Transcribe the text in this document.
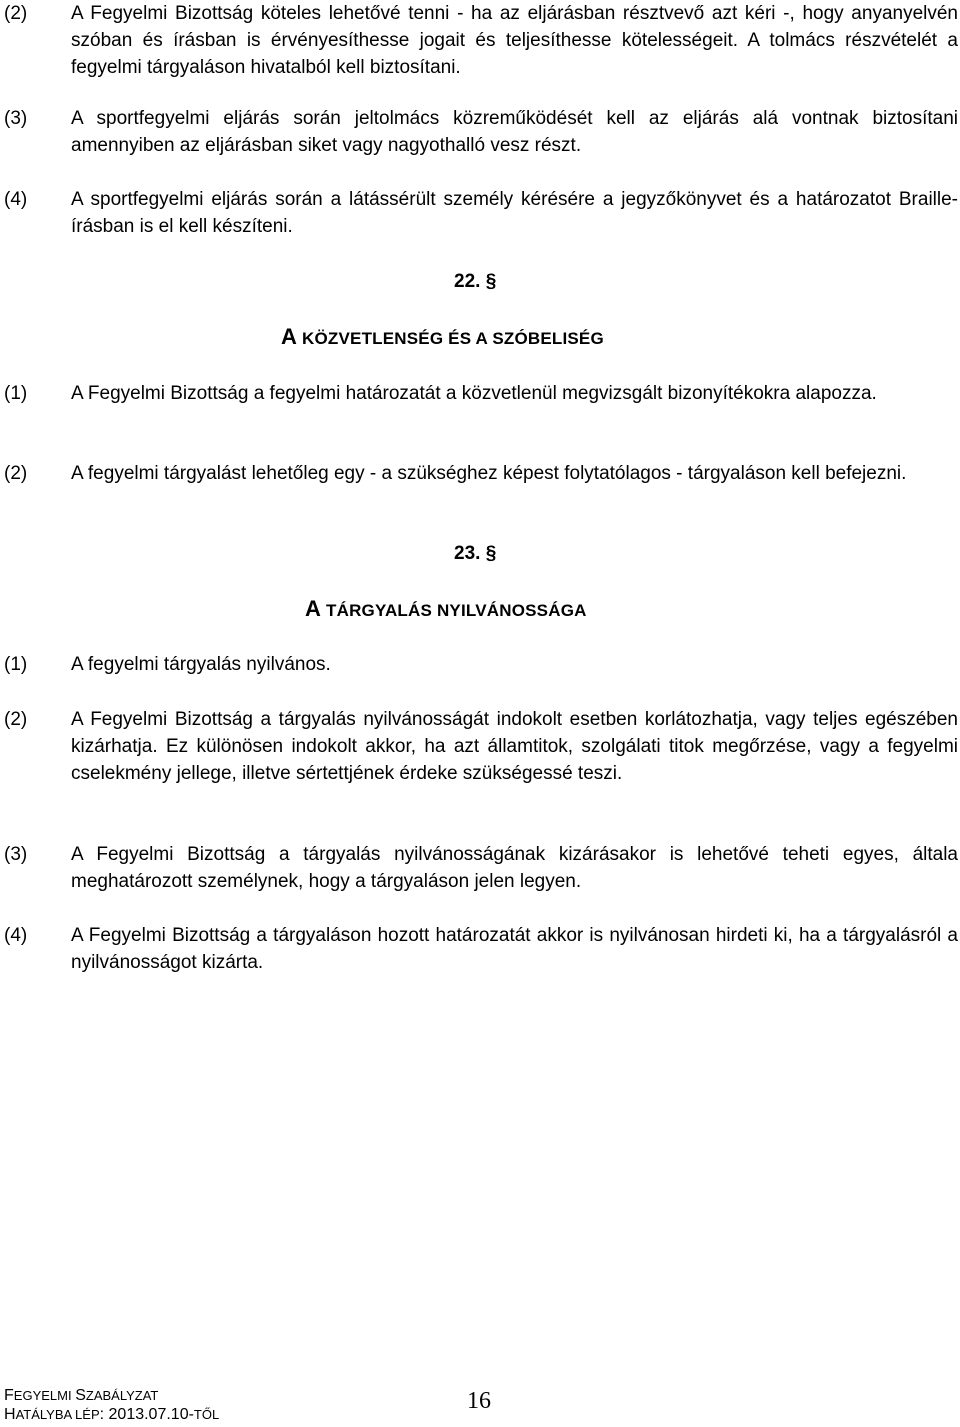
(2) A Fegyelmi Bizottság köteles lehetővé tenni - ha az eljárásban résztvevő azt kéri -, hogy anyanyelvén szóban és írásban is érvényesíthesse jogait és teljesíthesse kötelességeit. A tolmács részvételét a fegyelmi tárgyaláson hivatalból kell biztosítani.
(3) A sportfegyelmi eljárás során jeltolmács közreműködését kell az eljárás alá vontnak biztosítani amennyiben az eljárásban siket vagy nagyothalló vesz részt.
(4) A sportfegyelmi eljárás során a látássérült személy kérésére a jegyzőkönyvet és a határozatot Braille-írásban is el kell készíteni.
22. §
A KÖZVETLENSÉG ÉS A SZÓBELISÉG
(1) A Fegyelmi Bizottság a fegyelmi határozatát a közvetlenül megvizsgált bizonyítékokra alapozza.
(2) A fegyelmi tárgyalást lehetőleg egy - a szükséghez képest folytatólagos - tárgyaláson kell befejezni.
23. §
A TÁRGYALÁS NYILVÁNOSSÁGA
(1) A fegyelmi tárgyalás nyilvános.
(2) A Fegyelmi Bizottság a tárgyalás nyilvánosságát indokolt esetben korlátozhatja, vagy teljes egészében kizárhatja. Ez különösen indokolt akkor, ha azt államtitok, szolgálati titok megőrzése, vagy a fegyelmi cselekmény jellege, illetve sértettjének érdeke szükségessé teszi.
(3) A Fegyelmi Bizottság a tárgyalás nyilvánosságának kizárásakor is lehetővé teheti egyes, általa meghatározott személynek, hogy a tárgyaláson jelen legyen.
(4) A Fegyelmi Bizottság a tárgyaláson hozott határozatát akkor is nyilvánosan hirdeti ki, ha a tárgyalásról a nyilvánosságot kizárta.
FEGYELMI SZABÁLYZAT
HATÁLYBA LÉP: 2013.07.10-TŐL
16
